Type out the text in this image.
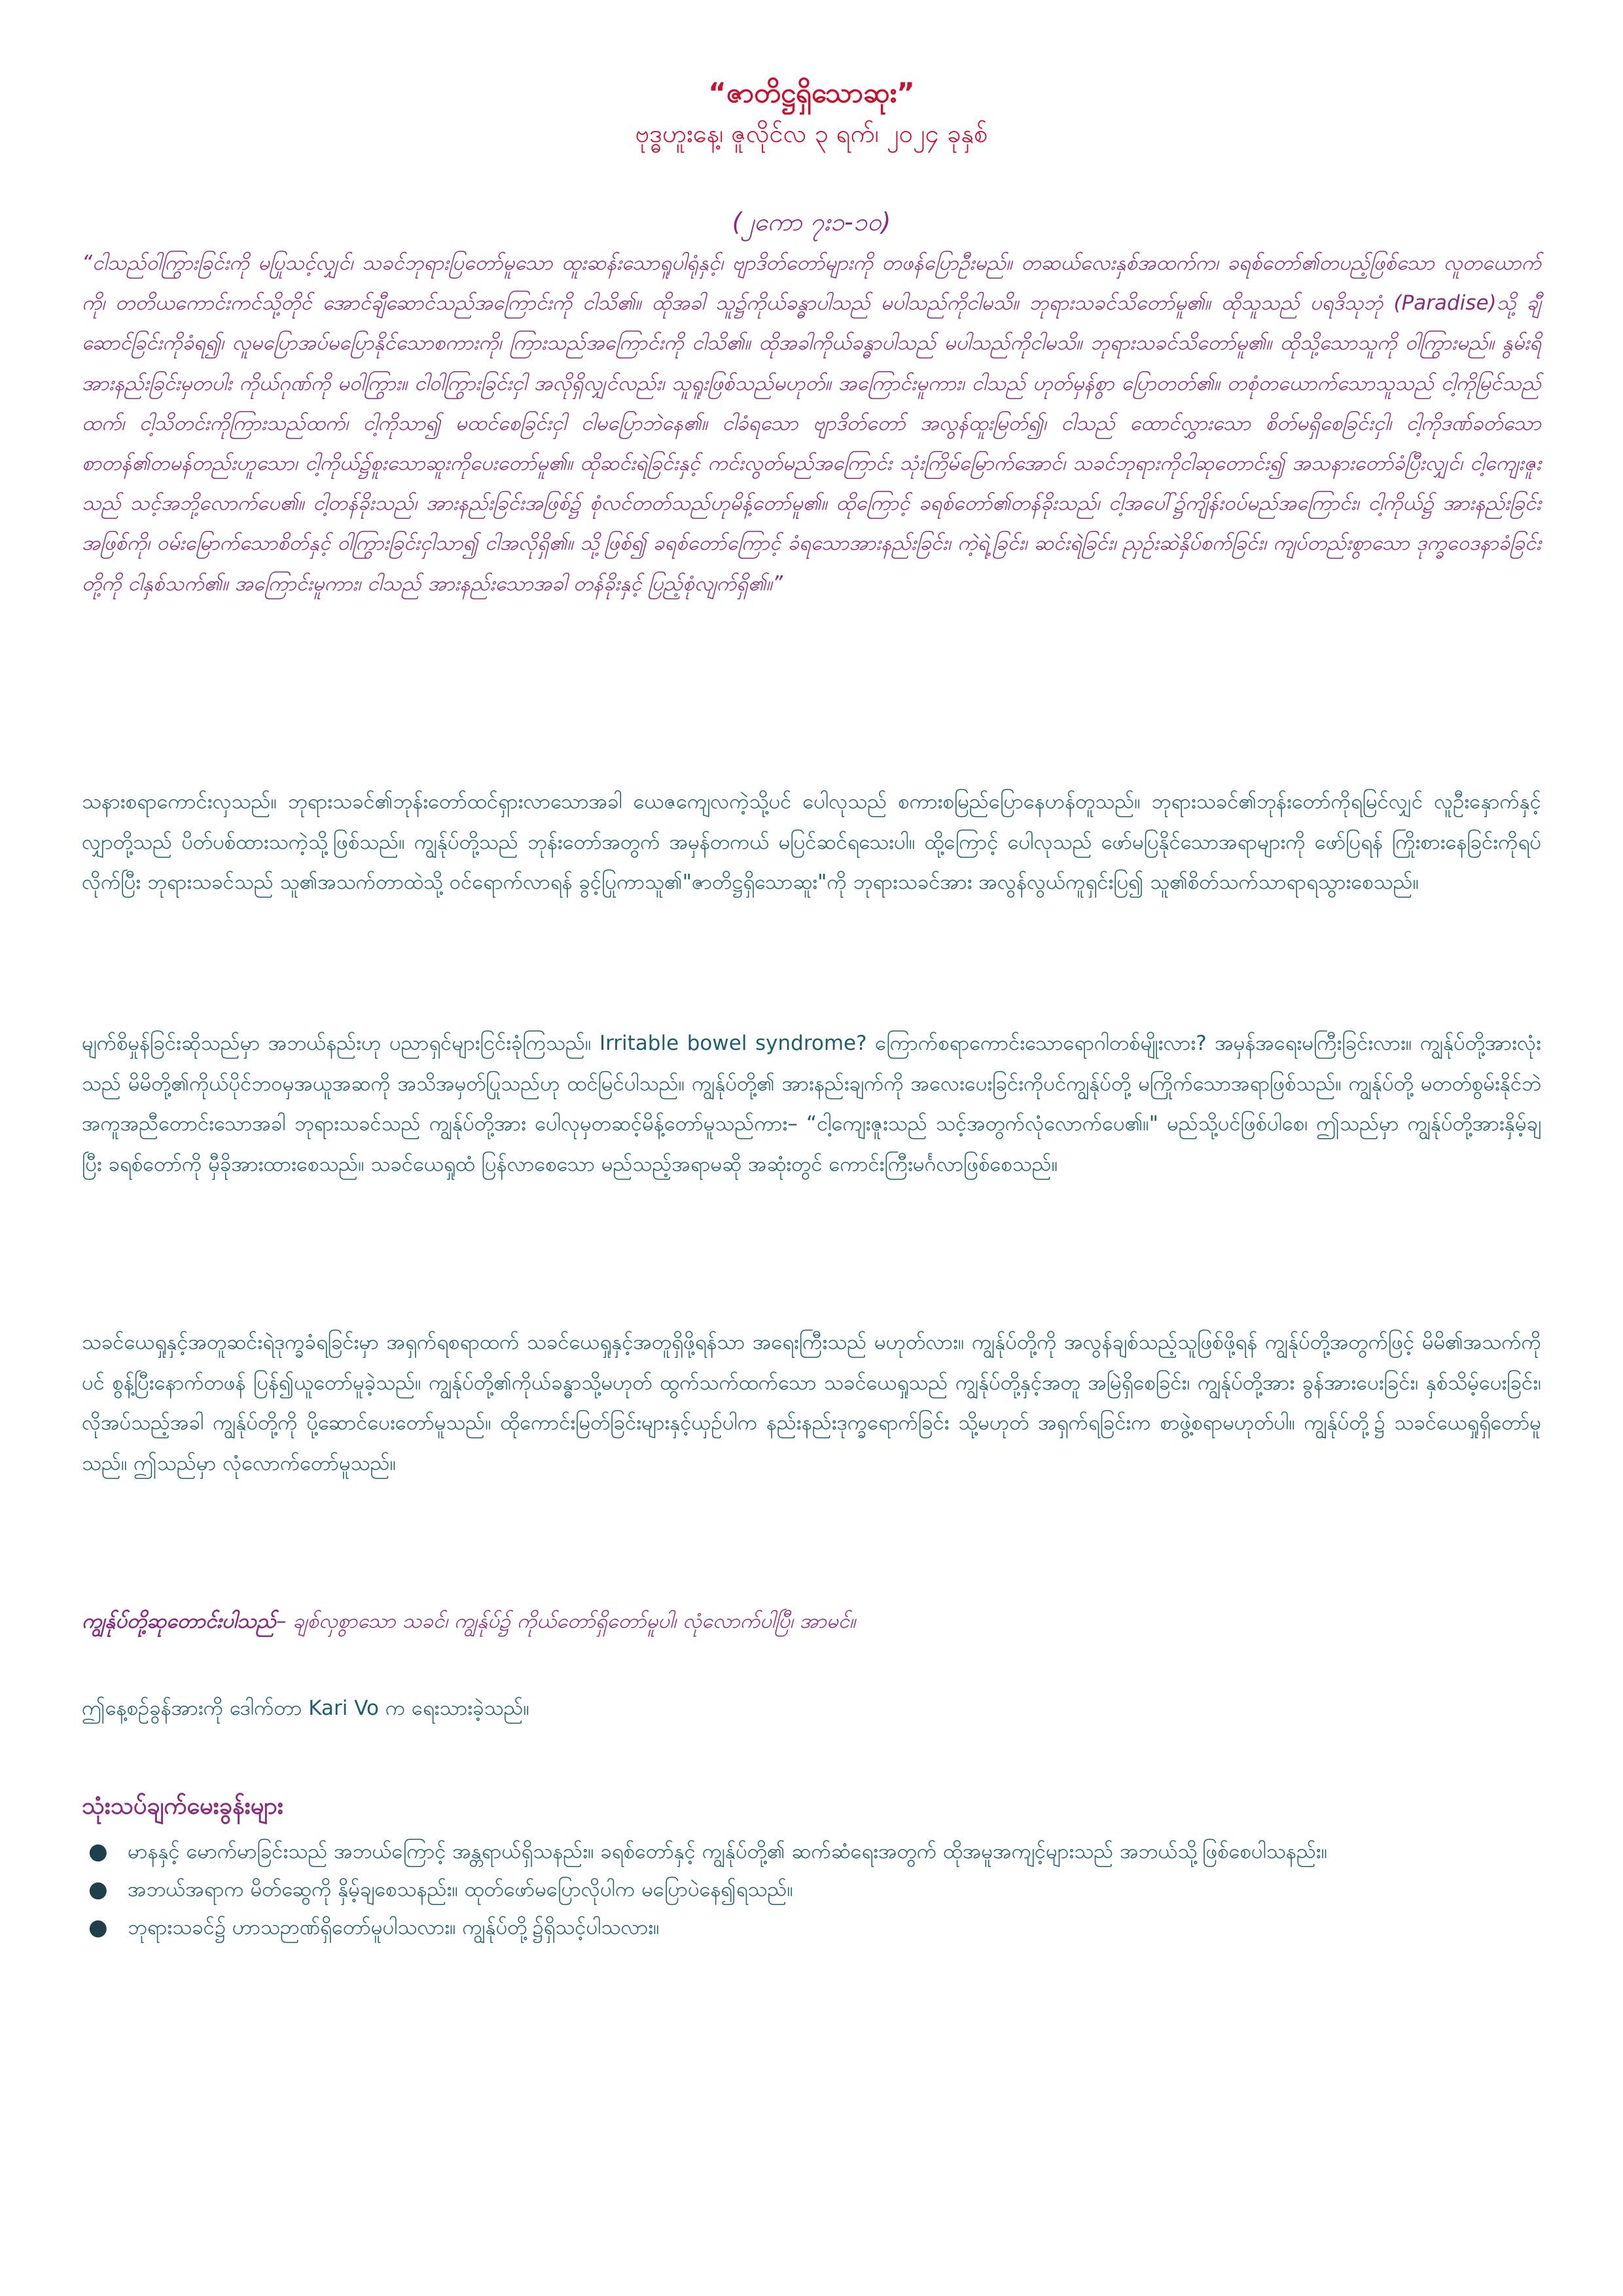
“ဇာတိဋ္ဌရှိသောဆုး”
ဗုဒ္ဓဟူးနေ့၊ ဇူလိုင်လ ၃ ရက်၊ ၂၀၂၄ ခုနှစ်
(၂ကော ၇း၁-၁၀)

“ငါသည်ဝါကြွားခြင်းကို မပြုသင့်လျှင်၊ သခင်ဘုရားပြတော်မူသော ထူးဆန်းသောရူပါရုံနှင့်၊ ဗျာဒိတ်တော်များကို တဖန်ပြောဦးမည်။ တဆယ်လေးနှစ်အထက်က၊ ခရစ်တော်၏တပည့်ဖြစ်သော လူတယောက်ကို၊ တတိယကောင်းကင်သို့တိုင် အောင်ချီဆောင်သည်အကြောင်းကို ငါသိ၏။ ထိုအခါ သူ၌ကိုယ်ခန္ဓာပါသည် မပါသည်ကိုငါမသိ။ ဘုရားသခင်သိတော်မူ၏။ ထိုသူသည် ပရဒိသုဘုံ (Paradise)သို့ ချီဆောင်ခြင်းကိုခံရ၍၊ လူမပြောအပ်မပြောနိုင်သောစကားကို၊ ကြားသည်အကြောင်းကို ငါသိ၏။ ထိုအခါကိုယ်ခန္ဓာပါသည် မပါသည်ကိုငါမသိ။ ဘုရားသခင်သိတော်မူ၏။ ထိုသို့သောသူကို ဝါကြွားမည်။ နွမ်းရိအားနည်းခြင်းမှတပါး ကိုယ်ဂုဏ်ကို မဝါကြွား။ ငါဝါကြွားခြင်းငှါ အလိုရှိလျှင်လည်း၊ သူရူးဖြစ်သည်မဟုတ်။ အကြောင်းမူကား၊ ငါသည် ဟုတ်မှန်စွာ ပြောတတ်၏။ တစုံတယောက်သောသူသည် ငါ့ကိုမြင်သည်ထက်၊ ငါ့သိတင်းကိုကြားသည်ထက်၊ ငါ့ကိုသာ၍ မထင်စေခြင်းငှါ ငါမပြောဘဲနေ၏။ ငါခံရသော ဗျာဒိတ်တော် အလွန်ထူးမြတ်၍၊ ငါသည် ထောင်လွှားသော စိတ်မရှိစေခြင်းငှါ၊ ငါ့ကိုဒဏ်ခတ်သောစာတန်၏တမန်တည်းဟူသော၊ ငါ့ကိုယ်၌စူးသောဆူးကိုပေးတော်မူ၏။ ထိုဆင်းရဲခြင်းနှင့် ကင်းလွတ်မည်အကြောင်း သုံးကြိမ်မြောက်အောင်၊ သခင်ဘုရားကိုငါဆုတောင်း၍ အသနားတော်ခံပြီးလျှင်၊ ငါ့ကျေးဇူးသည် သင့်အဘို့လောက်ပေ၏။ ငါ့တန်ခိုးသည်၊ အားနည်းခြင်းအဖြစ်၌ စုံလင်တတ်သည်ဟုမိန့်တော်မူ၏။ ထိုကြောင့် ခရစ်တော်၏တန်ခိုးသည်၊ ငါ့အပေါ်၌ကျိန်းဝပ်မည်အကြောင်း၊ ငါ့ကိုယ်၌ အားနည်းခြင်းအဖြစ်ကို၊ ဝမ်းမြောက်သောစိတ်နှင့် ဝါကြွားခြင်းငှါသာ၍ ငါအလိုရှိ၏။ သို့ဖြစ်၍ ခရစ်တော်ကြောင့် ခံရသောအားနည်းခြင်း၊ ကဲ့ရဲ့ခြင်း၊ ဆင်းရဲခြင်း၊ ညှဉ်းဆဲနှိပ်စက်ခြင်း၊ ကျပ်တည်းစွာသော ဒုက္ခဝေဒနာခံခြင်းတို့ကို ငါနှစ်သက်၏။ အကြောင်းမူကား၊ ငါသည် အားနည်းသောအခါ တန်ခိုးနှင့် ပြည့်စုံလျက်ရှိ၏။”

သနားစရာကောင်းလှသည်။ ဘုရားသခင်၏ဘုန်းတော်ထင်ရှားလာသောအခါ ယေဇကျေလကဲ့သို့ပင် ပေါလုသည် စကားစမြည်ပြောနေဟန်တူသည်။ ဘုရားသခင်၏ဘုန်းတော်ကိုရမြင်လျှင် လူဦးနှောက်နှင့်လျှာတို့သည် ပိတ်ပစ်ထားသကဲ့သို့ဖြစ်သည်။ ကျွန်ုပ်တို့သည် ဘုန်းတော်အတွက် အမှန်တကယ် မပြင်ဆင်ရသေးပါ။ ထို့ကြောင့် ပေါလုသည် ဖော်မပြနိုင်သောအရာများကို ဖော်ပြရန် ကြိုးစားနေခြင်းကိုရပ်လိုက်ပြီး ဘုရားသခင်သည် သူ၏အသက်တာထဲသို့ ဝင်ရောက်လာရန် ခွင့်ပြုကာသူ၏"ဇာတိဋ္ဌရှိသောဆူး"ကို ဘုရားသခင်အား အလွန်လွယ်ကူရှင်းပြ၍ သူ၏စိတ်သက်သာရာရသွားစေသည်။

မျက်စိမှုန်ခြင်းဆိုသည်မှာ အဘယ်နည်းဟု ပညာရှင်များငြင်းခုံကြသည်။ Irritable bowel syndrome? ကြောက်စရာကောင်းသောရောဂါတစ်မျိုးလား? အမှန်အရေးမကြီးခြင်းလား။ ကျွန်ုပ်တို့အားလုံးသည် မိမိတို့၏ကိုယ်ပိုင်ဘဝမှအယူအဆကို အသိအမှတ်ပြုသည်ဟု ထင်မြင်ပါသည်။ ကျွန်ုပ်တို့၏ အားနည်းချက်ကို အလေးပေးခြင်းကိုပင်ကျွန်ုပ်တို့ မကြိုက်သောအရာဖြစ်သည်။ ကျွန်ုပ်တို့ မတတ်စွမ်းနိုင်ဘဲ အကူအညီတောင်းသောအခါ ဘုရားသခင်သည် ကျွန်ုပ်တို့အား ပေါလုမှတဆင့်မိန့်တော်မူသည်ကား– “ငါ့ကျေးဇူးသည် သင့်အတွက်လုံလောက်ပေ၏။" မည်သို့ပင်ဖြစ်ပါစေ၊ ဤသည်မှာ ကျွန်ုပ်တို့အားနှိမ့်ချပြီး ခရစ်တော်ကို မှီခိုအားထားစေသည်။ သခင်ယေရှုထံ ပြန်လာစေသော မည်သည့်အရာမဆို အဆုံးတွင် ကောင်းကြီးမင်္ဂလာဖြစ်စေသည်။

သခင်ယေရှုနှင့်အတူဆင်းရဲဒုက္ခခံရခြင်းမှာ အရှက်ရစရာထက် သခင်ယေရှုနှင့်အတူရှိဖို့ရန်သာ အရေးကြီးသည် မဟုတ်လား။ ကျွန်ုပ်တို့ကို အလွန်ချစ်သည့်သူဖြစ်ဖို့ရန် ကျွန်ုပ်တို့အတွက်ဖြင့် မိမိ၏အသက်ကိုပင် စွန့်ပြီးနောက်တဖန် ပြန်၍ယူတော်မူခဲ့သည်။ ကျွန်ုပ်တို့၏ကိုယ်ခန္ဓာသို့မဟုတ် ထွက်သက်ထက်သော သခင်ယေရှုသည် ကျွန်ုပ်တို့နှင့်အတူ အမြဲရှိစေခြင်း၊ ကျွန်ုပ်တို့အား ခွန်အားပေးခြင်း၊ နှစ်သိမ့်ပေးခြင်း၊ လိုအပ်သည့်အခါ ကျွန်ုပ်တို့ကို ပို့ဆောင်ပေးတော်မူသည်။ ထိုကောင်းမြတ်ခြင်းများနှင့်ယှဉ်ပါက နည်းနည်းဒုက္ခရောက်ခြင်း သို့မဟုတ် အရှက်ရခြင်းက စာဖွဲ့စရာမဟုတ်ပါ။ ကျွန်ုပ်တို့၌ သခင်ယေရှုရှိတော်မူသည်။ ဤသည်မှာ လုံလောက်တော်မူသည်။

ကျွန်ုပ်တို့ဆုတောင်းပါသည်– ချစ်လှစွာသော သခင်၊ ကျွန်ုပ်၌ ကိုယ်တော်ရှိတော်မူပါ၊ လုံလောက်ပါပြီ၊ အာမင်။

ဤနေ့စဉ်ခွန်အားကို ဒေါက်တာ Kari Vo က ရေးသားခဲ့သည်။

သုံးသပ်ချက်မေးခွန်းများ
● မာနနှင့် မောက်မာခြင်းသည် အဘယ်ကြောင့် အန္တရာယ်ရှိသနည်း။ ခရစ်တော်နှင့် ကျွန်ုပ်တို့၏ ဆက်ဆံရေးအတွက် ထိုအမူအကျင့်များသည် အဘယ်သို့ဖြစ်စေပါသနည်း။
● အဘယ်အရာက မိတ်ဆွေကို နှိမ့်ချစေသနည်း။ ထုတ်ဖော်မပြောလိုပါက မပြောပဲနေ၍ရသည်။
● ဘုရားသခင်၌ ဟာသဉာဏ်ရှိတော်မူပါသလား။ ကျွန်ုပ်တို့၌ရှိသင့်ပါသလား။
